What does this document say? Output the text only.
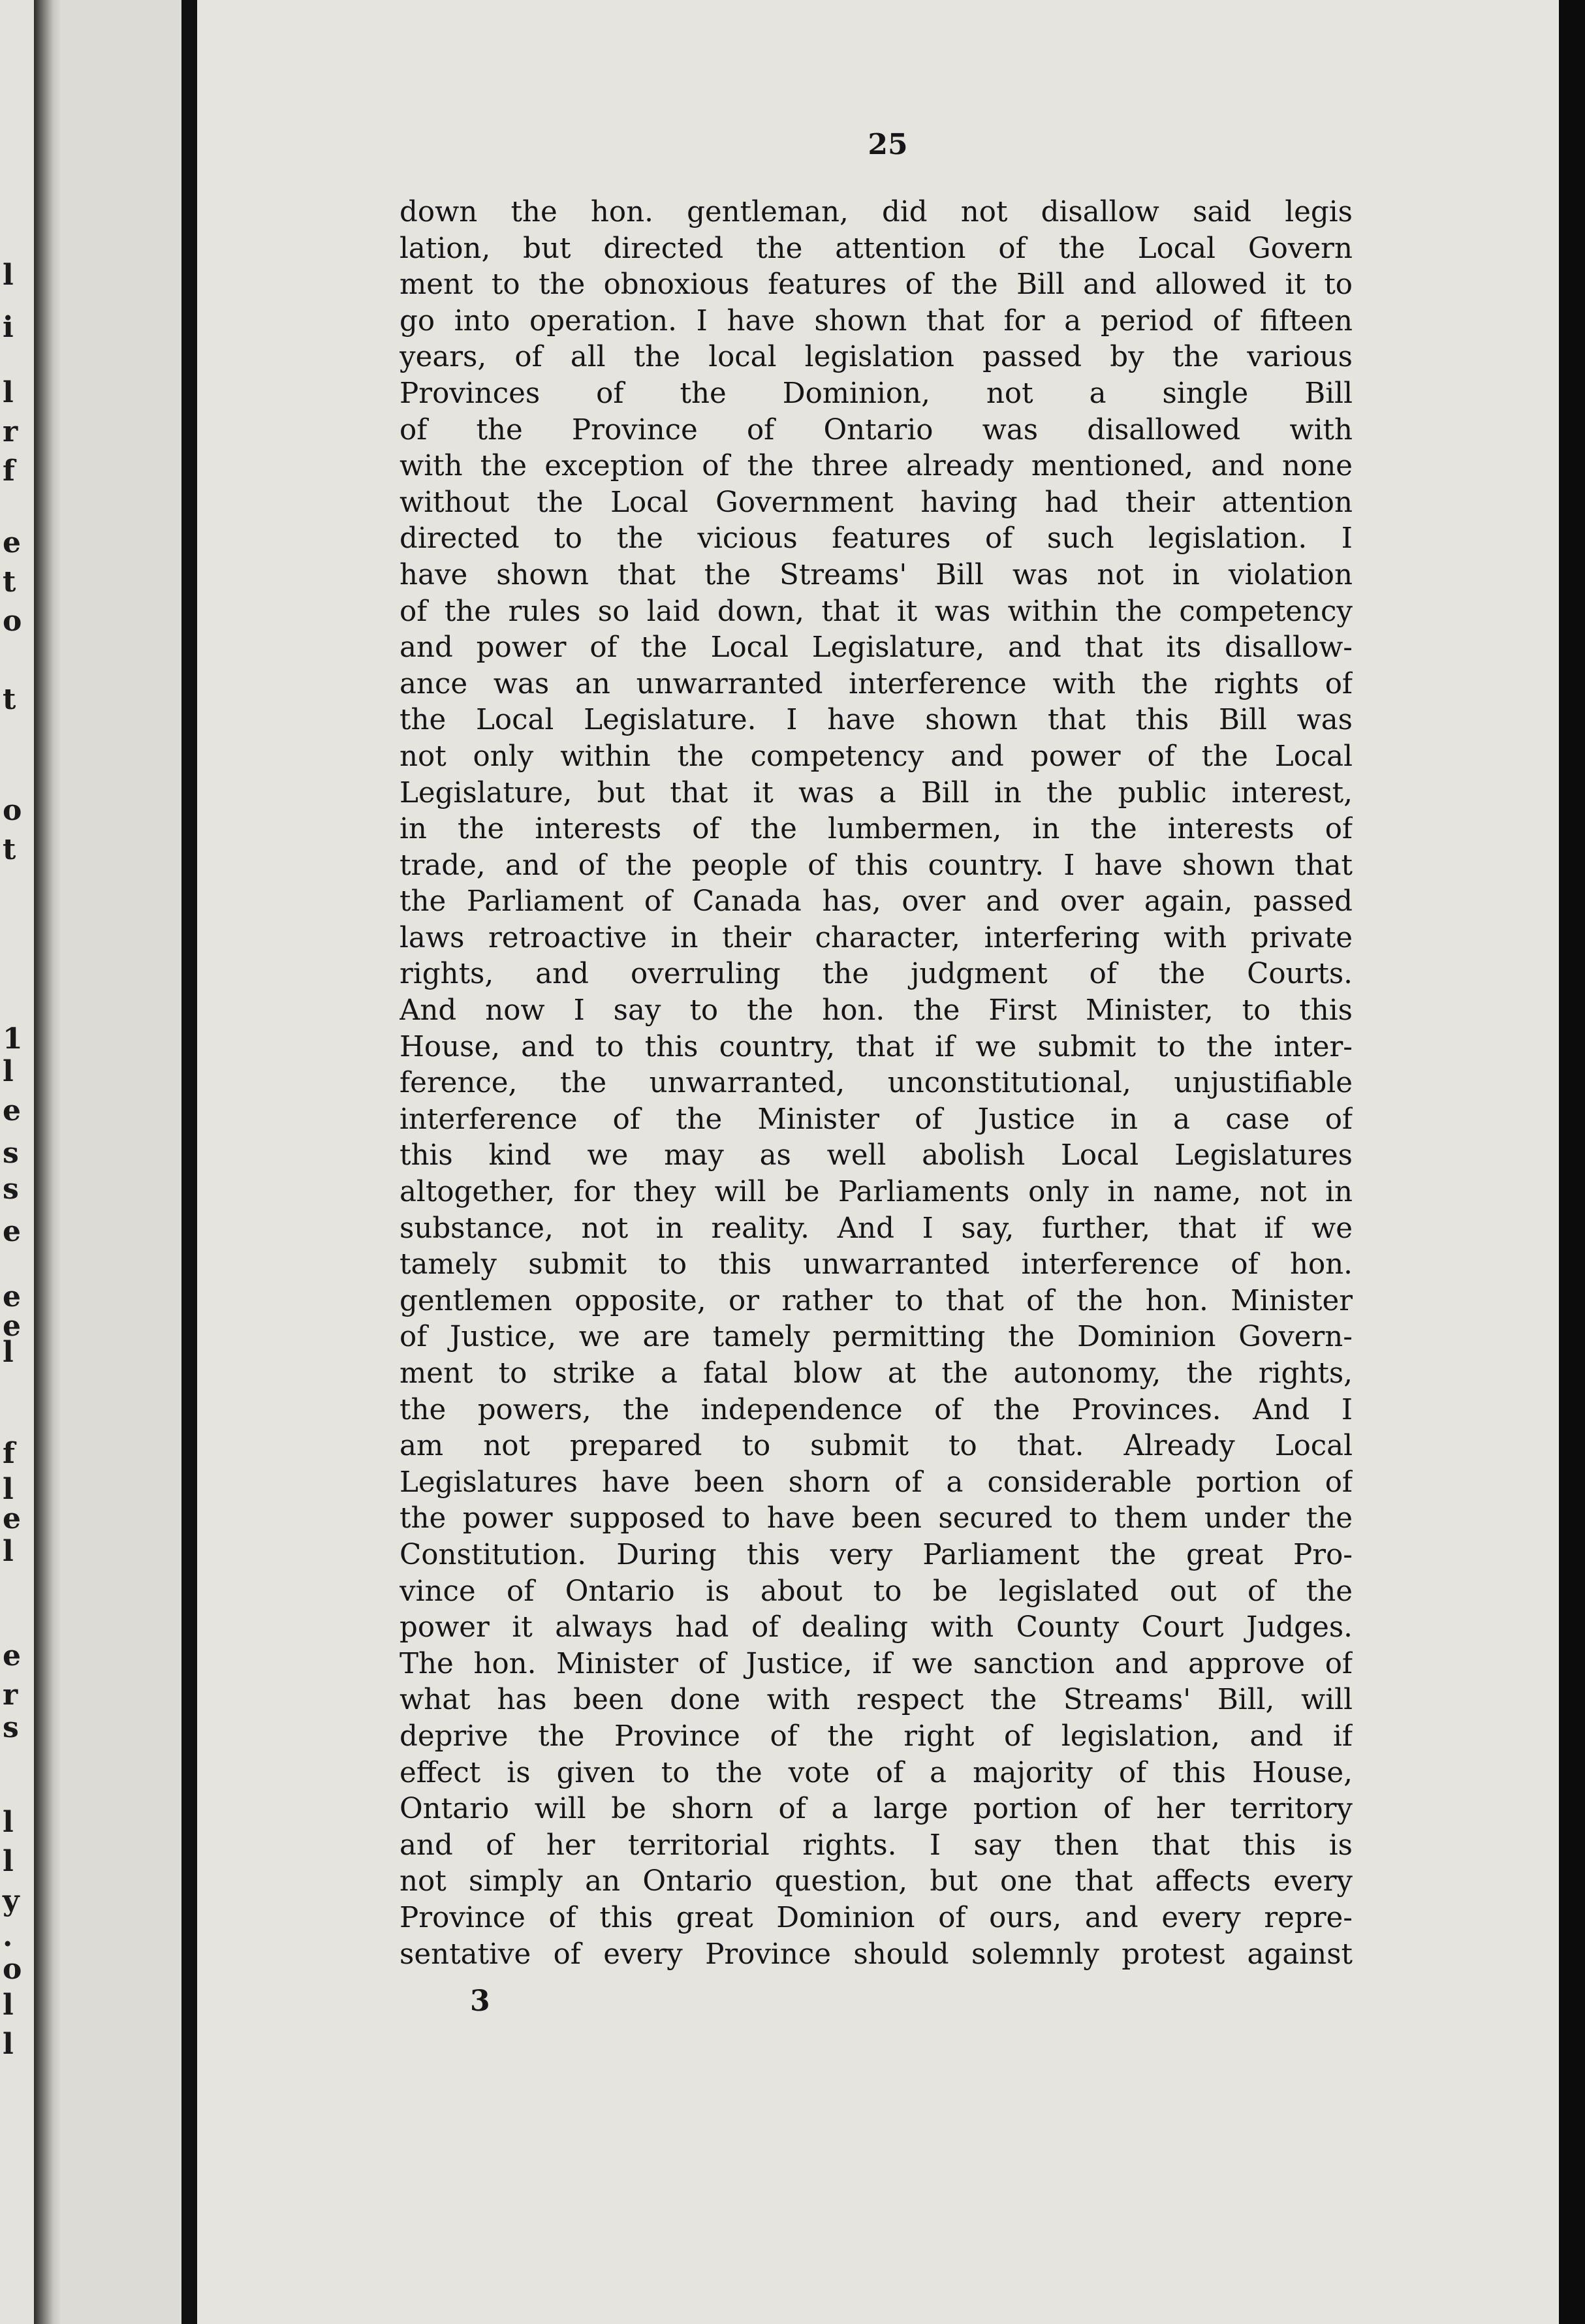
l
i
l
r
f
e
t
o
t
o
t
1
l
e
s
s
e
e
e
l
f
l
e
l
e
r
s
l
l
y
.
o
l
l
25
down the hon. gentleman, did not disallow said legis
lation, but directed the attention of the Local Govern
ment to the obnoxious features of the Bill and allowed it to
go into operation. I have shown that for a period of fifteen
years, of all the local legislation passed by the various
Provinces of the Dominion, not a single Bill
of the Province of Ontario was disallowed with
with the exception of the three already mentioned, and none
without the Local Government having had their attention
directed to the vicious features of such legislation. I
have shown that the Streams' Bill was not in violation
of the rules so laid down, that it was within the competency
and power of the Local Legislature, and that its disallow-
ance was an unwarranted interference with the rights of
the Local Legislature. I have shown that this Bill was
not only within the competency and power of the Local
Legislature, but that it was a Bill in the public interest,
in the interests of the lumbermen, in the interests of
trade, and of the people of this country. I have shown that
the Parliament of Canada has, over and over again, passed
laws retroactive in their character, interfering with private
rights, and overruling the judgment of the Courts.
And now I say to the hon. the First Minister, to this
House, and to this country, that if we submit to the inter-
ference, the unwarranted, unconstitutional, unjustifiable
interference of the Minister of Justice in a case of
this kind we may as well abolish Local Legislatures
altogether, for they will be Parliaments only in name, not in
substance, not in reality. And I say, further, that if we
tamely submit to this unwarranted interference of hon.
gentlemen opposite, or rather to that of the hon. Minister
of Justice, we are tamely permitting the Dominion Govern-
ment to strike a fatal blow at the autonomy, the rights,
the powers, the independence of the Provinces. And I
am not prepared to submit to that. Already Local
Legislatures have been shorn of a considerable portion of
the power supposed to have been secured to them under the
Constitution. During this very Parliament the great Pro-
vince of Ontario is about to be legislated out of the
power it always had of dealing with County Court Judges.
The hon. Minister of Justice, if we sanction and approve of
what has been done with respect the Streams' Bill, will
deprive the Province of the right of legislation, and if
effect is given to the vote of a majority of this House,
Ontario will be shorn of a large portion of her territory
and of her territorial rights. I say then that this is
not simply an Ontario question, but one that affects every
Province of this great Dominion of ours, and every repre-
sentative of every Province should solemnly protest against
3
